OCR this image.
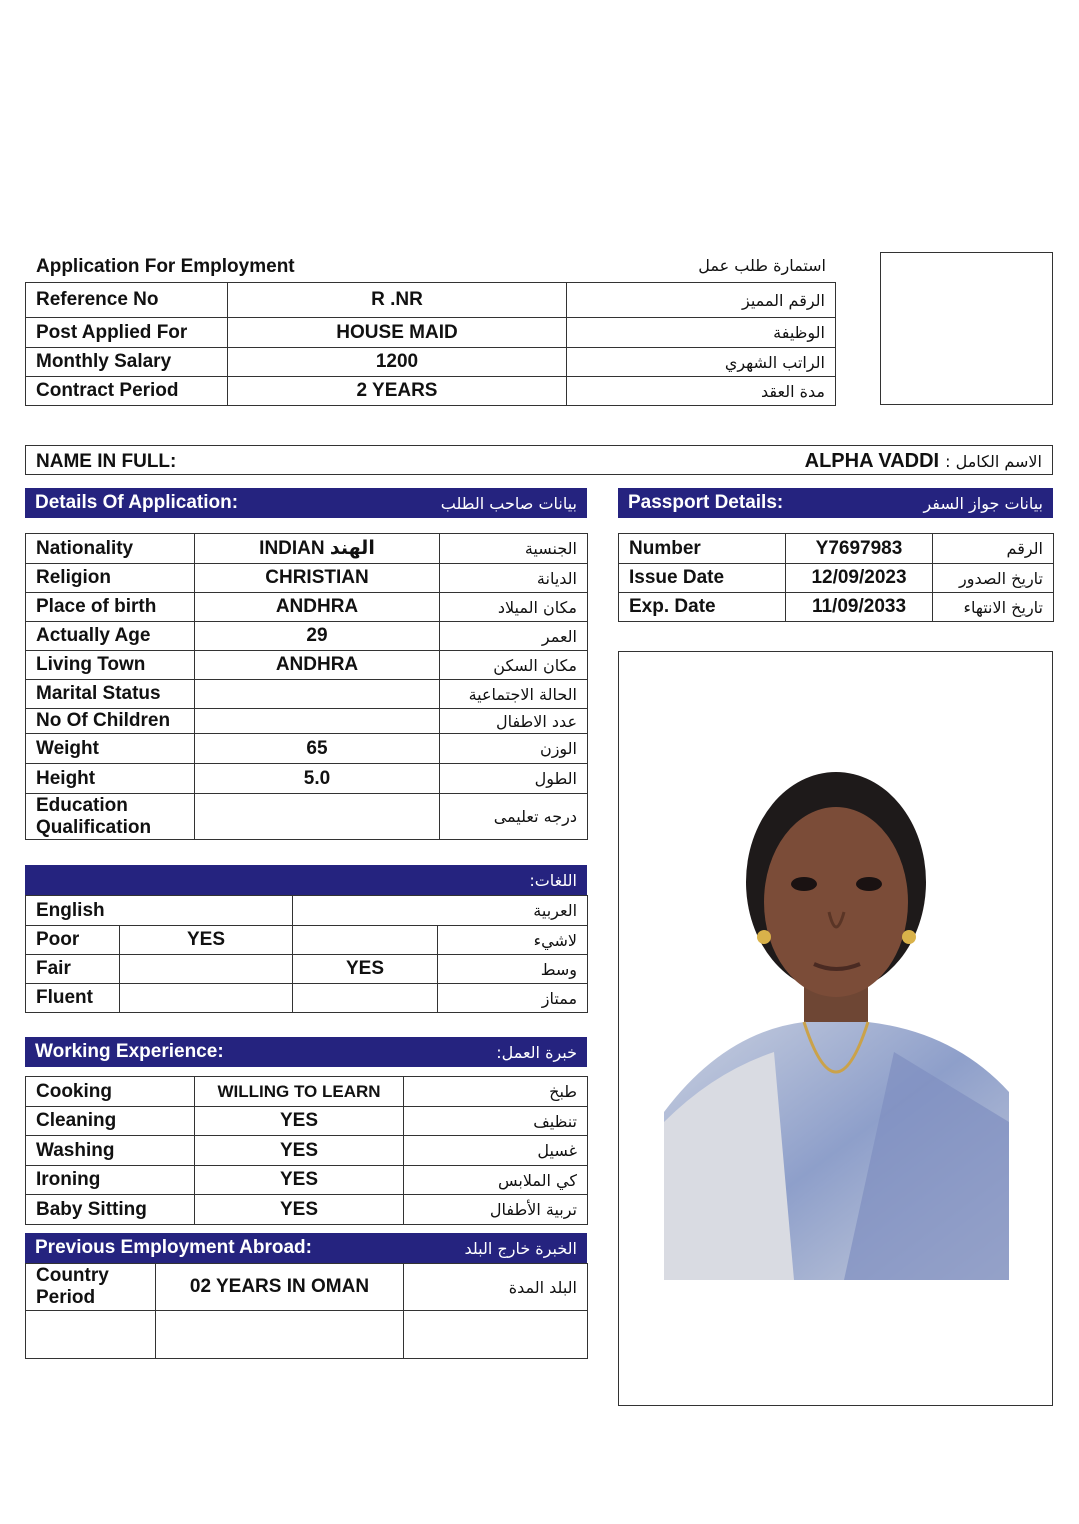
Application For Employment	استمارة طلب عمل
Reference No	R .NR	الرقم المميز
Post Applied For	HOUSE MAID	الوظيفة
Monthly Salary	1200	الراتب الشهري
Contract Period	2 YEARS	مدة العقد
NAME IN FULL:	ALPHA VADDI الاسم الكامل :
Details Of Application:	بيانات صاحب الطلب
Nationality	INDIAN الهند	الجنسية
Religion	CHRISTIAN	الديانة
Place of birth	ANDHRA	مكان الميلاد
Actually Age	29	العمر
Living Town	ANDHRA	مكان السكن
Marital Status		الحالة الاجتماعية
No Of Children		عدد الاطفال
Weight	65	الوزن
Height	5.0	الطول
Education
Qualification		درجه تعليمى
Passport Details:	بيانات جواز السفر
Number	Y7697983	الرقم
Issue Date	12/09/2023	تاريخ الصدور
Exp. Date	11/09/2033	تاريخ الانتهاء
اللغات:
English		العربية	
Poor	YES		لاشيء
Fair		YES	وسط
Fluent			ممتاز
Working Experience:	خبرة العمل:
Cooking	WILLING TO LEARN	طبخ
Cleaning	YES	تنظيف
Washing	YES	غسيل
Ironing	YES	كي الملابس
Baby Sitting	YES	تربية الأطفال
Previous Employment Abroad:	الخبرة خارج البلد
Country
Period	02 YEARS IN OMAN	البلد المدة
